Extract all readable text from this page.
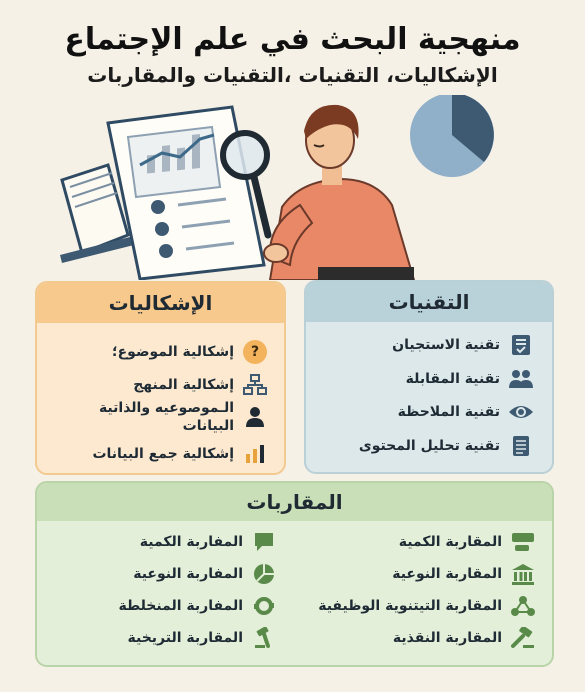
منهجية البحث في علم الإجتماع
الإشكاليات، التقنيات ،التقنيات والمقاربات
الإشكاليات
إشكالية الموضوع؛	?
إشكالية المنهج
الـموصوعيه والذاتية البيانات
إشكالية جمع البيانات
التقنيات
تقنية الاستجيان
تقنية المقابلة
تقنية الملاحظة
تقنية تحليل المحتوى
المقاربات
المقاربة الكمية
المقاربة النوعية
المقاربة التيتنوية الوظيفية
المقاربة النقذية
المفاربة الكمية
المفاربة النوعية
المفاربة المنخلطة
المقاربة التريخية
